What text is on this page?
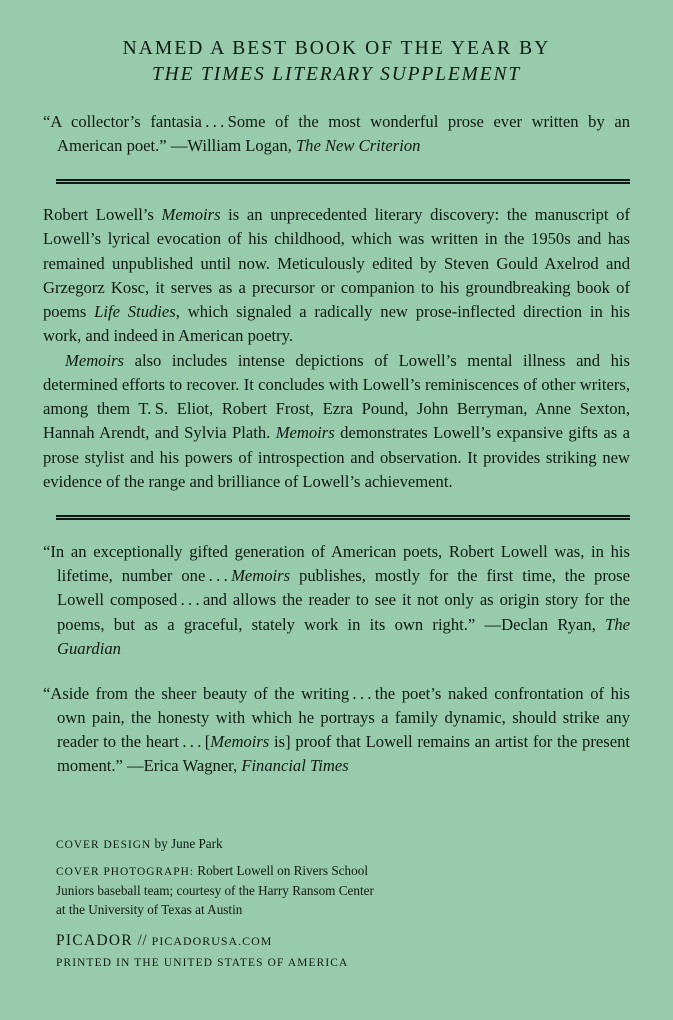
NAMED A BEST BOOK OF THE YEAR BY
THE TIMES LITERARY SUPPLEMENT

“A collector’s fantasia . . . Some of the most wonderful prose ever written by an American poet.” —William Logan, The New Criterion

Robert Lowell’s Memoirs is an unprecedented literary discovery: the manuscript of Lowell’s lyrical evocation of his childhood, which was written in the 1950s and has remained unpublished until now. Meticulously edited by Steven Gould Axelrod and Grzegorz Kosc, it serves as a precursor or companion to his groundbreaking book of poems Life Studies, which signaled a radically new prose-inflected direction in his work, and indeed in American poetry.

Memoirs also includes intense depictions of Lowell’s mental illness and his determined efforts to recover. It concludes with Lowell’s reminiscences of other writers, among them T. S. Eliot, Robert Frost, Ezra Pound, John Berryman, Anne Sexton, Hannah Arendt, and Sylvia Plath. Memoirs demonstrates Lowell’s expansive gifts as a prose stylist and his powers of introspection and observation. It provides striking new evidence of the range and brilliance of Lowell’s achievement.

“In an exceptionally gifted generation of American poets, Robert Lowell was, in his lifetime, number one . . . Memoirs publishes, mostly for the first time, the prose Lowell composed . . . and allows the reader to see it not only as origin story for the poems, but as a graceful, stately work in its own right.” —Declan Ryan, The Guardian

“Aside from the sheer beauty of the writing . . . the poet’s naked confrontation of his own pain, the honesty with which he portrays a family dynamic, should strike any reader to the heart . . . [Memoirs is] proof that Lowell remains an artist for the present moment.” —Erica Wagner, Financial Times

COVER DESIGN by June Park
COVER PHOTOGRAPH: Robert Lowell on Rivers School
Juniors baseball team; courtesy of the Harry Ransom Center
at the University of Texas at Austin
PICADOR // PICADORUSA.COM
PRINTED IN THE UNITED STATES OF AMERICA
